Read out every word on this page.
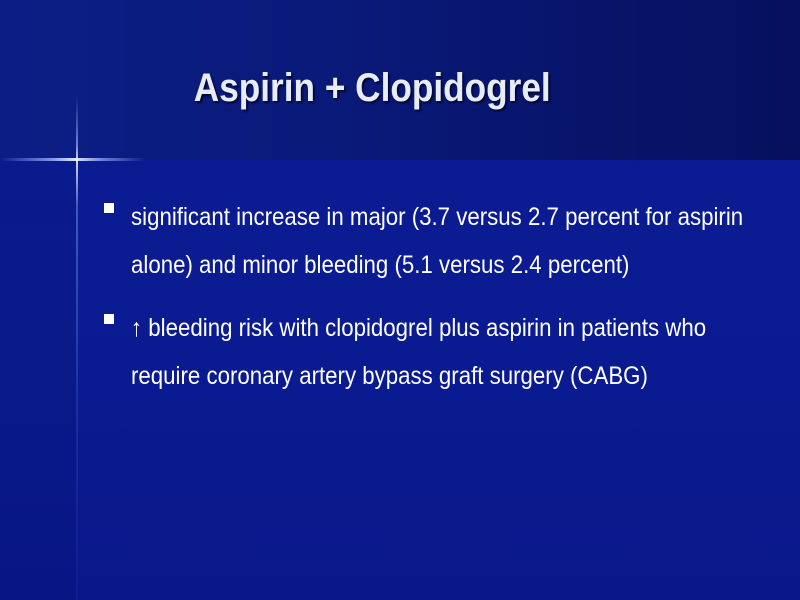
Aspirin + Clopidogrel
significant increase in major (3.7 versus 2.7 percent for aspirin alone) and minor bleeding (5.1 versus 2.4 percent)
↑ bleeding risk with clopidogrel plus aspirin in patients who require coronary artery bypass graft surgery (CABG)
